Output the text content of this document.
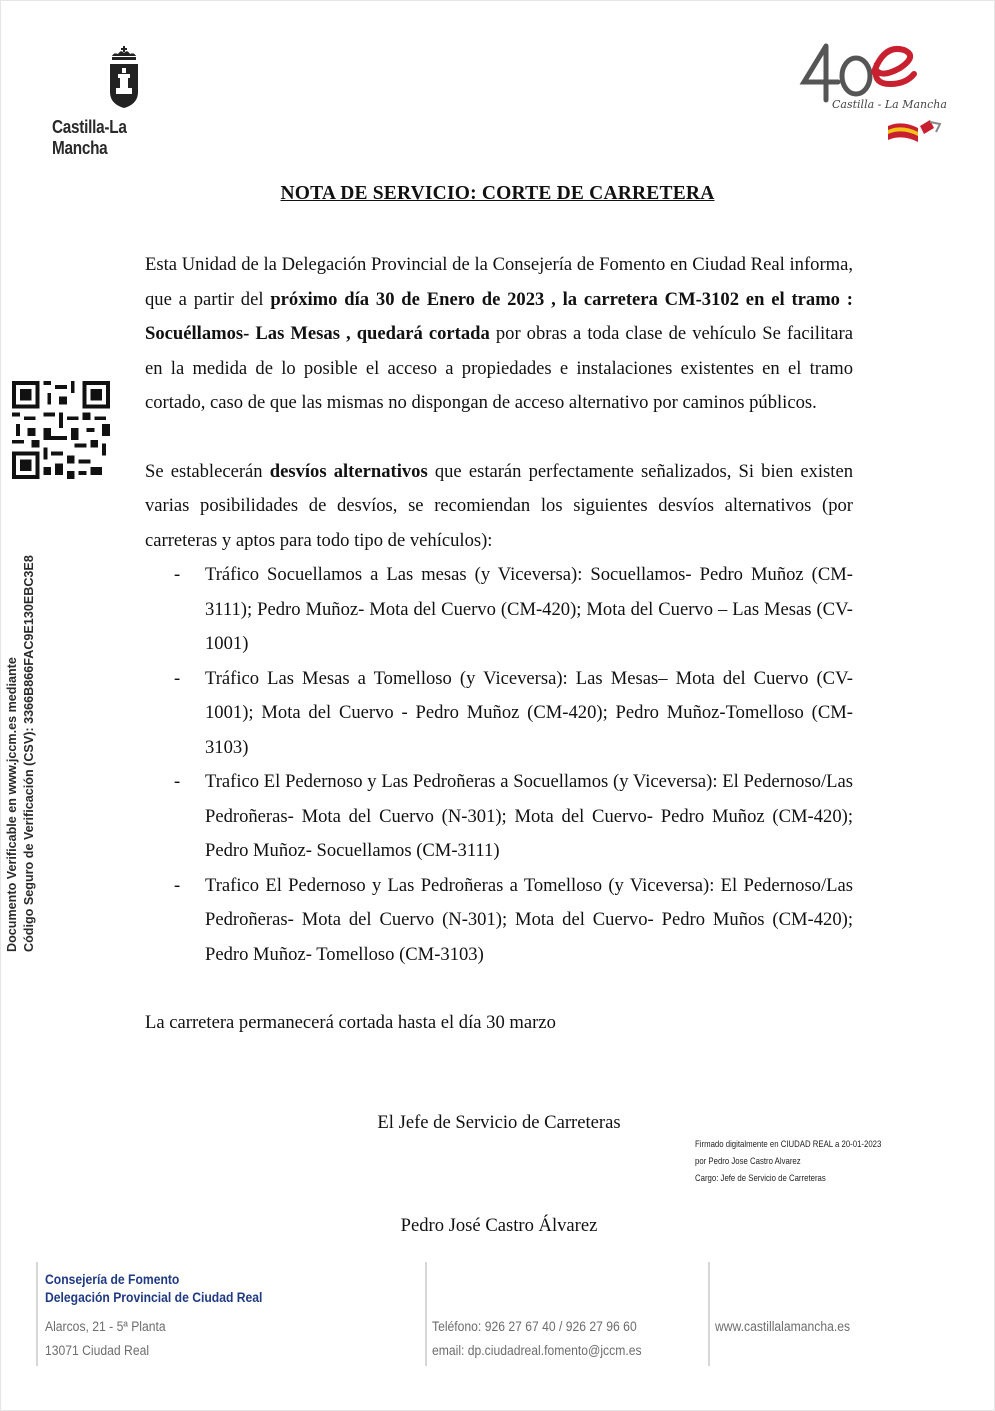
Castilla-La Mancha
Castilla - La Mancha
NOTA DE SERVICIO: CORTE DE CARRETERA

Esta Unidad de la Delegación Provincial de la Consejería de Fomento en Ciudad Real informa, que a partir del próximo día 30 de Enero de 2023 , la carretera CM-3102 en el tramo : Socuéllamos- Las Mesas , quedará cortada por obras a toda clase de vehículo Se facilitara en la medida de lo posible el acceso a propiedades e instalaciones existentes en el tramo cortado, caso de que las mismas no dispongan de acceso alternativo por caminos públicos.

Se establecerán desvíos alternativos que estarán perfectamente señalizados, Si bien existen varias posibilidades de desvíos, se recomiendan los siguientes desvíos alternativos (por carreteras y aptos para todo tipo de vehículos):

- Tráfico Socuellamos a Las mesas (y Viceversa): Socuellamos- Pedro Muñoz (CM-3111); Pedro Muñoz- Mota del Cuervo (CM-420); Mota del Cuervo – Las Mesas (CV-1001)
- Tráfico Las Mesas a Tomelloso (y Viceversa): Las Mesas– Mota del Cuervo (CV-1001); Mota del Cuervo - Pedro Muñoz (CM-420); Pedro Muñoz-Tomelloso (CM-3103)
- Trafico El Pedernoso y Las Pedroñeras a Socuellamos (y Viceversa): El Pedernoso/Las Pedroñeras- Mota del Cuervo (N-301); Mota del Cuervo- Pedro Muñoz (CM-420); Pedro Muñoz- Socuellamos (CM-3111)
- Trafico El Pedernoso y Las Pedroñeras a Tomelloso (y Viceversa): El Pedernoso/Las Pedroñeras- Mota del Cuervo (N-301); Mota del Cuervo- Pedro Muños (CM-420); Pedro Muñoz- Tomelloso (CM-3103)
La carretera permanecerá cortada hasta el día 30 marzo
El Jefe de Servicio de Carreteras
Firmado digitalmente en CIUDAD REAL a 20-01-2023
por Pedro Jose Castro Alvarez
Cargo: Jefe de Servicio de Carreteras
Pedro José Castro Álvarez
Documento Verificable en www.jccm.es mediante Código Seguro de Verificación (CSV): 3366B866FAC9E130EBC3E8
Consejería de Fomento
Delegación Provincial de Ciudad Real
Alarcos, 21 - 5ª Planta
13071 Ciudad Real
Teléfono: 926 27 67 40 / 926 27 96 60
email: dp.ciudadreal.fomento@jccm.es
www.castillalamancha.es
